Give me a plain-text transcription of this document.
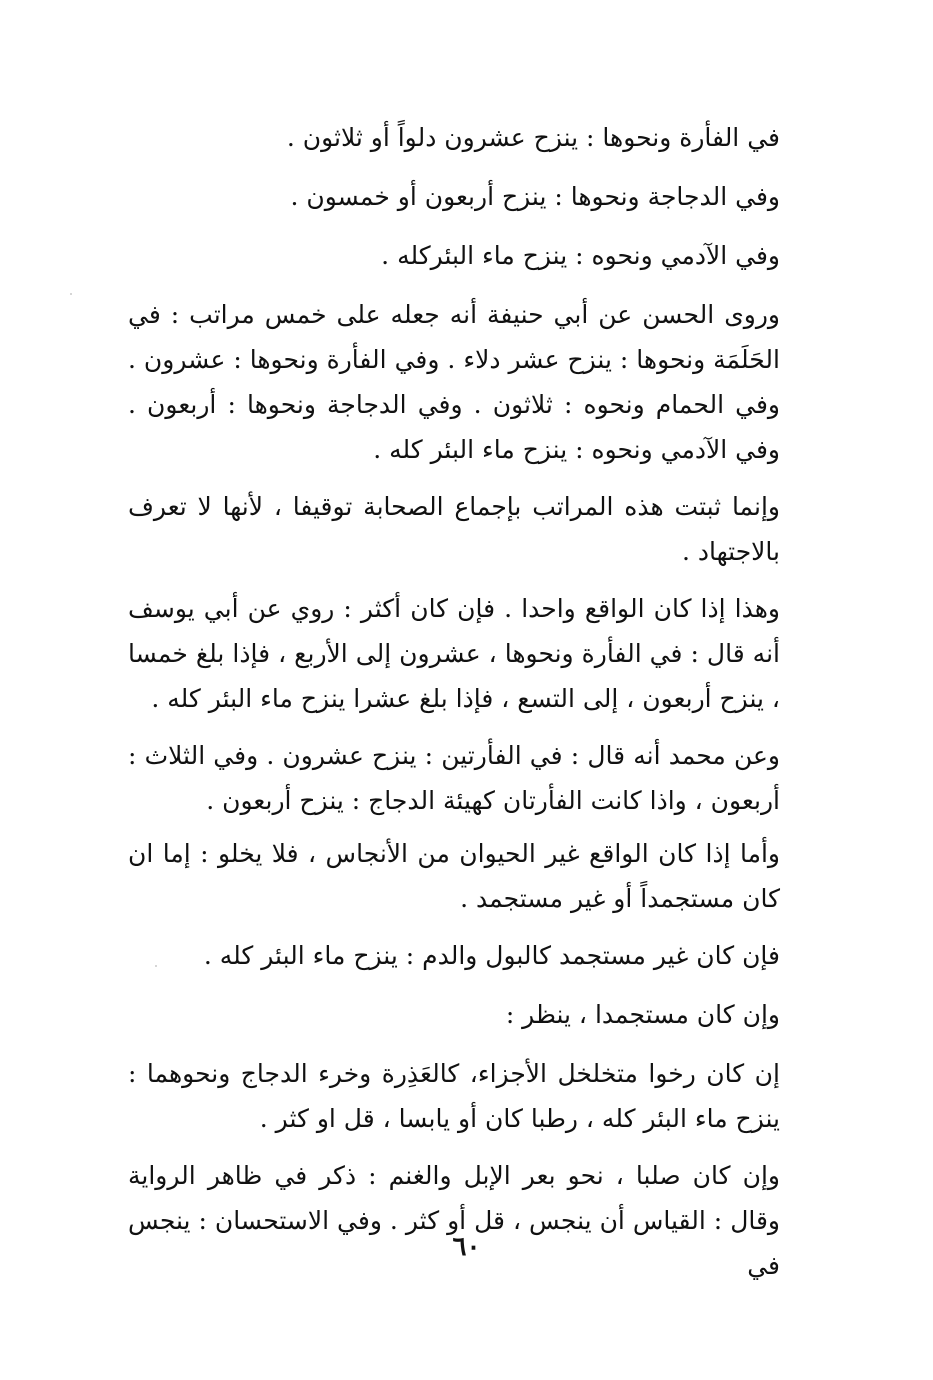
في الفأرة ونحوها : ينزح عشرون دلواً أو ثلاثون .

وفي الدجاجة ونحوها : ينزح أربعون أو خمسون .

وفي الآدمي ونحوه : ينزح ماء البئركله .

وروى الحسن عن أبي حنيفة أنه جعله على خمس مراتب : في الحَلَمَة ونحوها : ينزح عشر دلاء . وفي الفأرة ونحوها : عشرون . وفي الحمام ونحوه : ثلاثون . وفي الدجاجة ونحوها : أربعون . وفي الآدمي ونحوه : ينزح ماء البئر كله .

وإنما ثبتت هذه المراتب بإجماع الصحابة توقيفا ، لأنها لا تعرف بالاجتهاد .

وهذا إذا كان الواقع واحدا . فإن كان أكثر : روي عن أبي يوسف أنه قال : في الفأرة ونحوها ، عشرون إلى الأربع ، فإذا بلغ خمسا ، ينزح أربعون ، إلى التسع ، فإذا بلغ عشرا ينزح ماء البئر كله .

وعن محمد أنه قال : في الفأرتين : ينزح عشرون . وفي الثلاث : أربعون ، واذا كانت الفأرتان كهيئة الدجاج : ينزح أربعون .

وأما إذا كان الواقع غير الحيوان من الأنجاس ، فلا يخلو : إما ان كان مستجمداً أو غير مستجمد .

فإن كان غير مستجمد كالبول والدم : ينزح ماء البئر كله .

وإن كان مستجمدا ، ينظر :

إن كان رخوا متخلخل الأجزاء، كالعَذِرة وخرء الدجاج ونحوهما : ينزح ماء البئر كله ، رطبا كان أو يابسا ، قل او كثر .

وإن كان صلبا ، نحو بعر الإبل والغنم : ذكر في ظاهر الرواية وقال : القياس أن ينجس ، قل أو كثر . وفي الاستحسان : ينجس في

٦٠
